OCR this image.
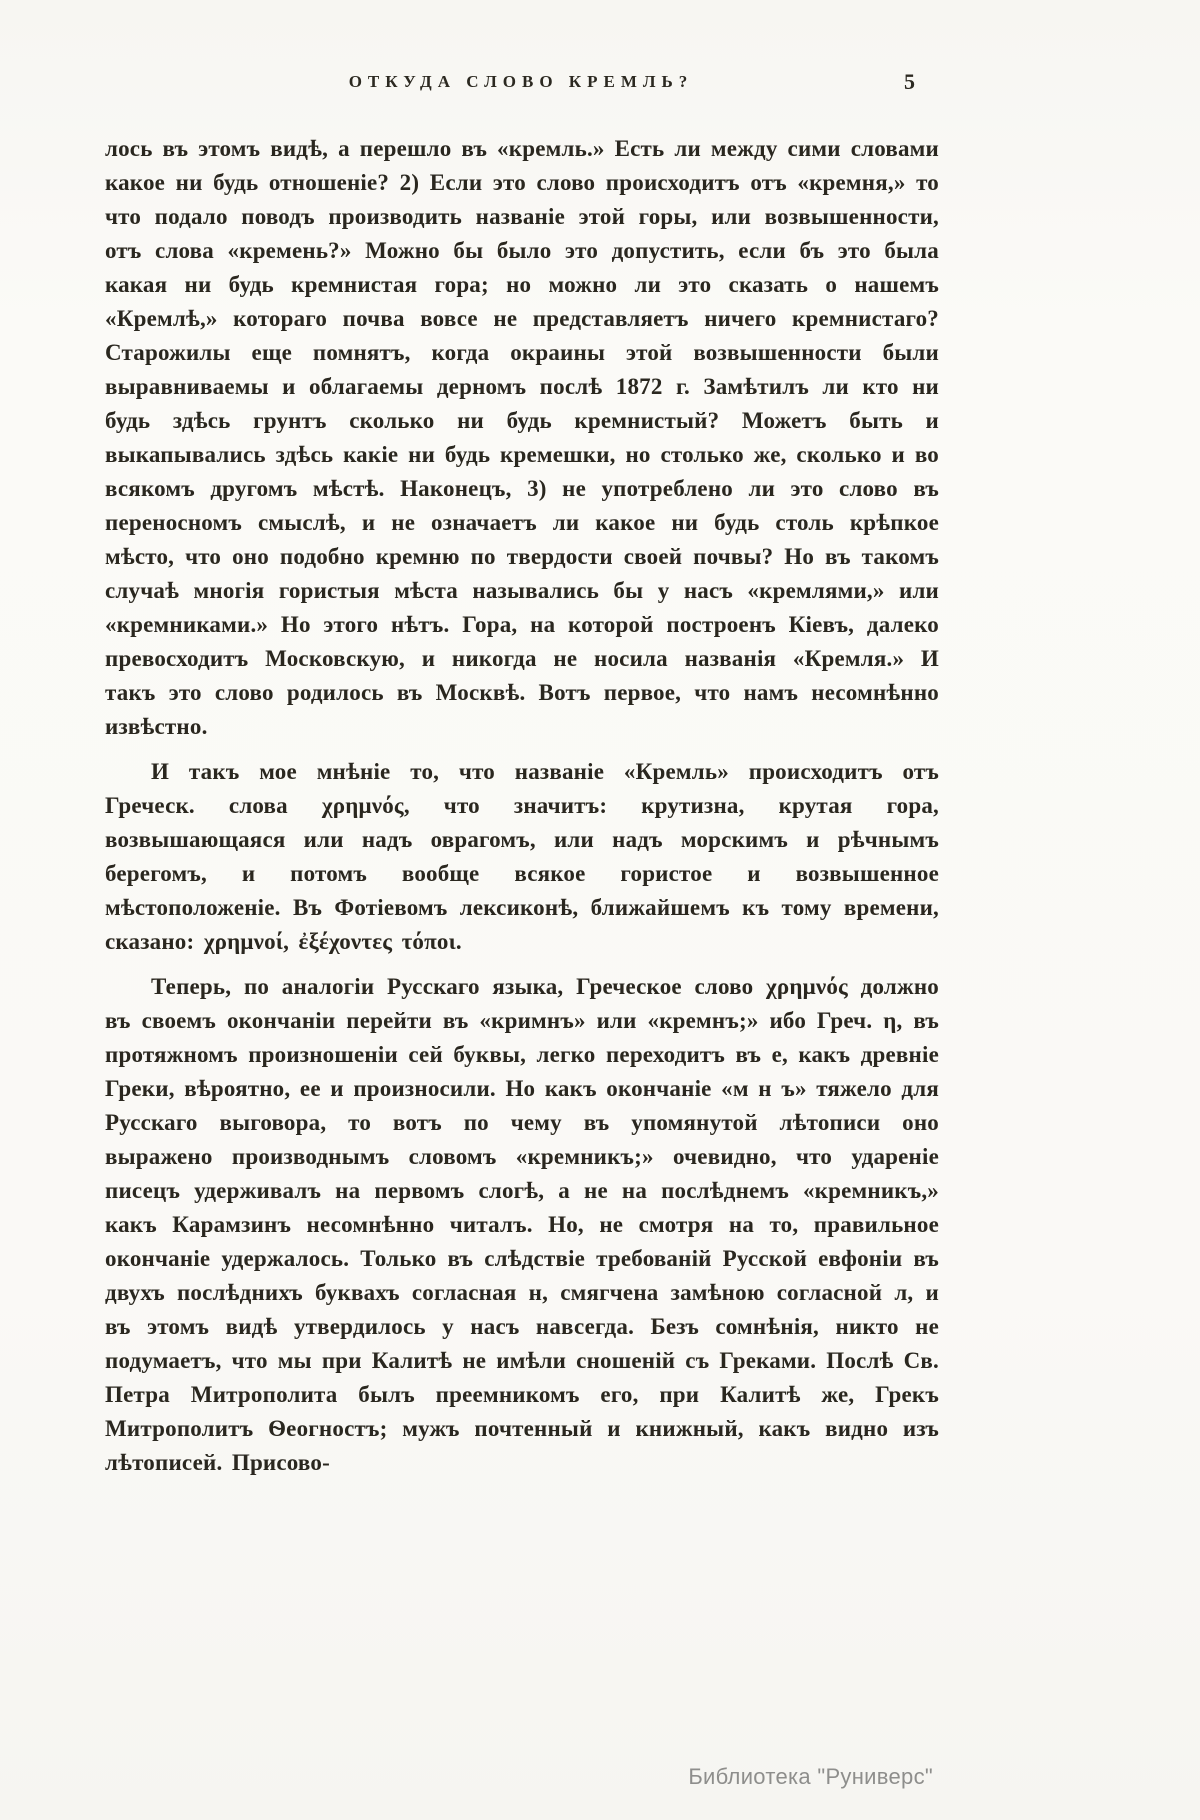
ОТКУДА СЛОВО КРЕМЛЬ?	5

лось въ этомъ видѣ, а перешло въ «кремль.» Есть ли между сими словами какое ни будь отношеніе? 2) Если это слово происходитъ отъ «кремня,» то что подало поводъ производить названіе этой горы, или возвышенности, отъ слова «кремень?» Можно бы было это допустить, если бъ это была какая ни будь кремнистая гора; но можно ли это сказать о нашемъ «Кремлѣ,» котораго почва вовсе не представляетъ ничего кремнистаго? Старожилы еще помнятъ, когда окраины этой возвышенности были выравниваемы и облагаемы дерномъ послѣ 1872 г. Замѣтилъ ли кто ни будь здѣсь грунтъ сколько ни будь кремнистый? Можетъ быть и выкапывались здѣсь какіе ни будь кремешки, но столько же, сколько и во всякомъ другомъ мѣстѣ. Наконецъ, 3) не употреблено ли это слово въ переносномъ смыслѣ, и не означаетъ ли какое ни будь столь крѣпкое мѣсто, что оно подобно кремню по твердости своей почвы? Но въ такомъ случаѣ многія гористыя мѣста назывались бы у насъ «кремлями,» или «кремниками.» Но этого нѣтъ. Гора, на которой построенъ Кіевъ, далеко превосходитъ Московскую, и никогда не носила названія «Кремля.» И такъ это слово родилось въ Москвѣ. Вотъ первое, что намъ несомнѣнно извѣстно.

И такъ мое мнѣніе то, что названіе «Кремль» происходитъ отъ Греческ. слова χρημνός, что значитъ: крутизна, крутая гора, возвышающаяся или надъ оврагомъ, или надъ морскимъ и рѣчнымъ берегомъ, и потомъ вообще всякое гористое и возвышенное мѣстоположеніе. Въ Фотіевомъ лексиконѣ, ближайшемъ къ тому времени, сказано: χρημνοί, ἐξέχοντες τόποι.

Теперь, по аналогіи Русскаго языка, Греческое слово χρημνός должно въ своемъ окончаніи перейти въ «кримнъ» или «кремнъ;» ибо Греч. η, въ протяжномъ произношеніи сей буквы, легко переходитъ въ е, какъ древніе Греки, вѣроятно, ее и произносили. Но какъ окончаніе «м н ъ» тяжело для Русскаго выговора, то вотъ по чему въ упомянутой лѣтописи оно выражено производнымъ словомъ «кремникъ;» очевидно, что удареніе писецъ удерживалъ на первомъ слогѣ, а не на послѣднемъ «кремникъ,» какъ Карамзинъ несомнѣнно читалъ. Но, не смотря на то, правильное окончаніе удержалось. Только въ слѣдствіе требованій Русской евфоніи въ двухъ послѣднихъ буквахъ согласная н, смягчена замѣною согласной л, и въ этомъ видѣ утвердилось у насъ навсегда. Безъ сомнѣнія, никто не подумаетъ, что мы при Калитѣ не имѣли сношеній съ Греками. Послѣ Св. Петра Митрополита былъ преемникомъ его, при Калитѣ же, Грекъ Митрополитъ Ѳеогностъ; мужъ почтенный и книжный, какъ видно изъ лѣтописей. Присово-

Библиотека "Руниверс"
